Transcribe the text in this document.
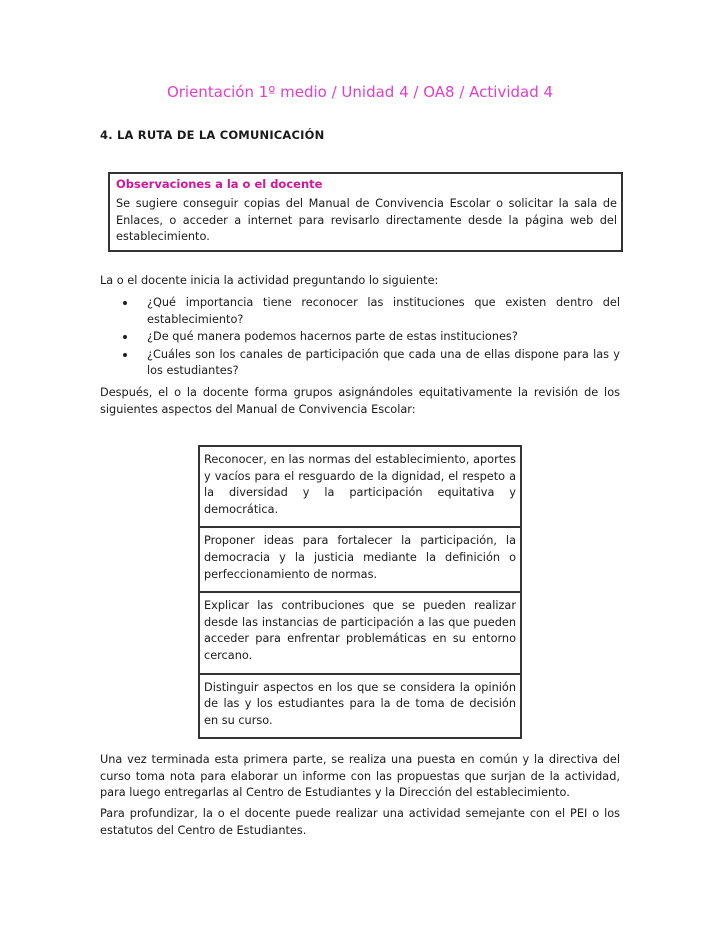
Orientación 1º medio / Unidad 4 / OA8 / Actividad 4
4. LA RUTA DE LA COMUNICACIÓN
Observaciones a la o el docente
Se sugiere conseguir copias del Manual de Convivencia Escolar o solicitar la sala de Enlaces, o acceder a internet para revisarlo directamente desde la página web del establecimiento.
La o el docente inicia la actividad preguntando lo siguiente:
¿Qué importancia tiene reconocer las instituciones que existen dentro del establecimiento?
¿De qué manera podemos hacernos parte de estas instituciones?
¿Cuáles son los canales de participación que cada una de ellas dispone para las y los estudiantes?
Después, el o la docente forma grupos asignándoles equitativamente la revisión de los siguientes aspectos del Manual de Convivencia Escolar:
Reconocer, en las normas del establecimiento, aportes y vacíos para el resguardo de la dignidad, el respeto a la diversidad y la participación equitativa y democrática.
Proponer ideas para fortalecer la participación, la democracia y la justicia mediante la definición o perfeccionamiento de normas.
Explicar las contribuciones que se pueden realizar desde las instancias de participación a las que pueden acceder para enfrentar problemáticas en su entorno cercano.
Distinguir aspectos en los que se considera la opinión de las y los estudiantes para la de toma de decisión en su curso.
Una vez terminada esta primera parte, se realiza una puesta en común y la directiva del curso toma nota para elaborar un informe con las propuestas que surjan de la actividad, para luego entregarlas al Centro de Estudiantes y la Dirección del establecimiento.
Para profundizar, la o el docente puede realizar una actividad semejante con el PEI o los estatutos del Centro de Estudiantes.
